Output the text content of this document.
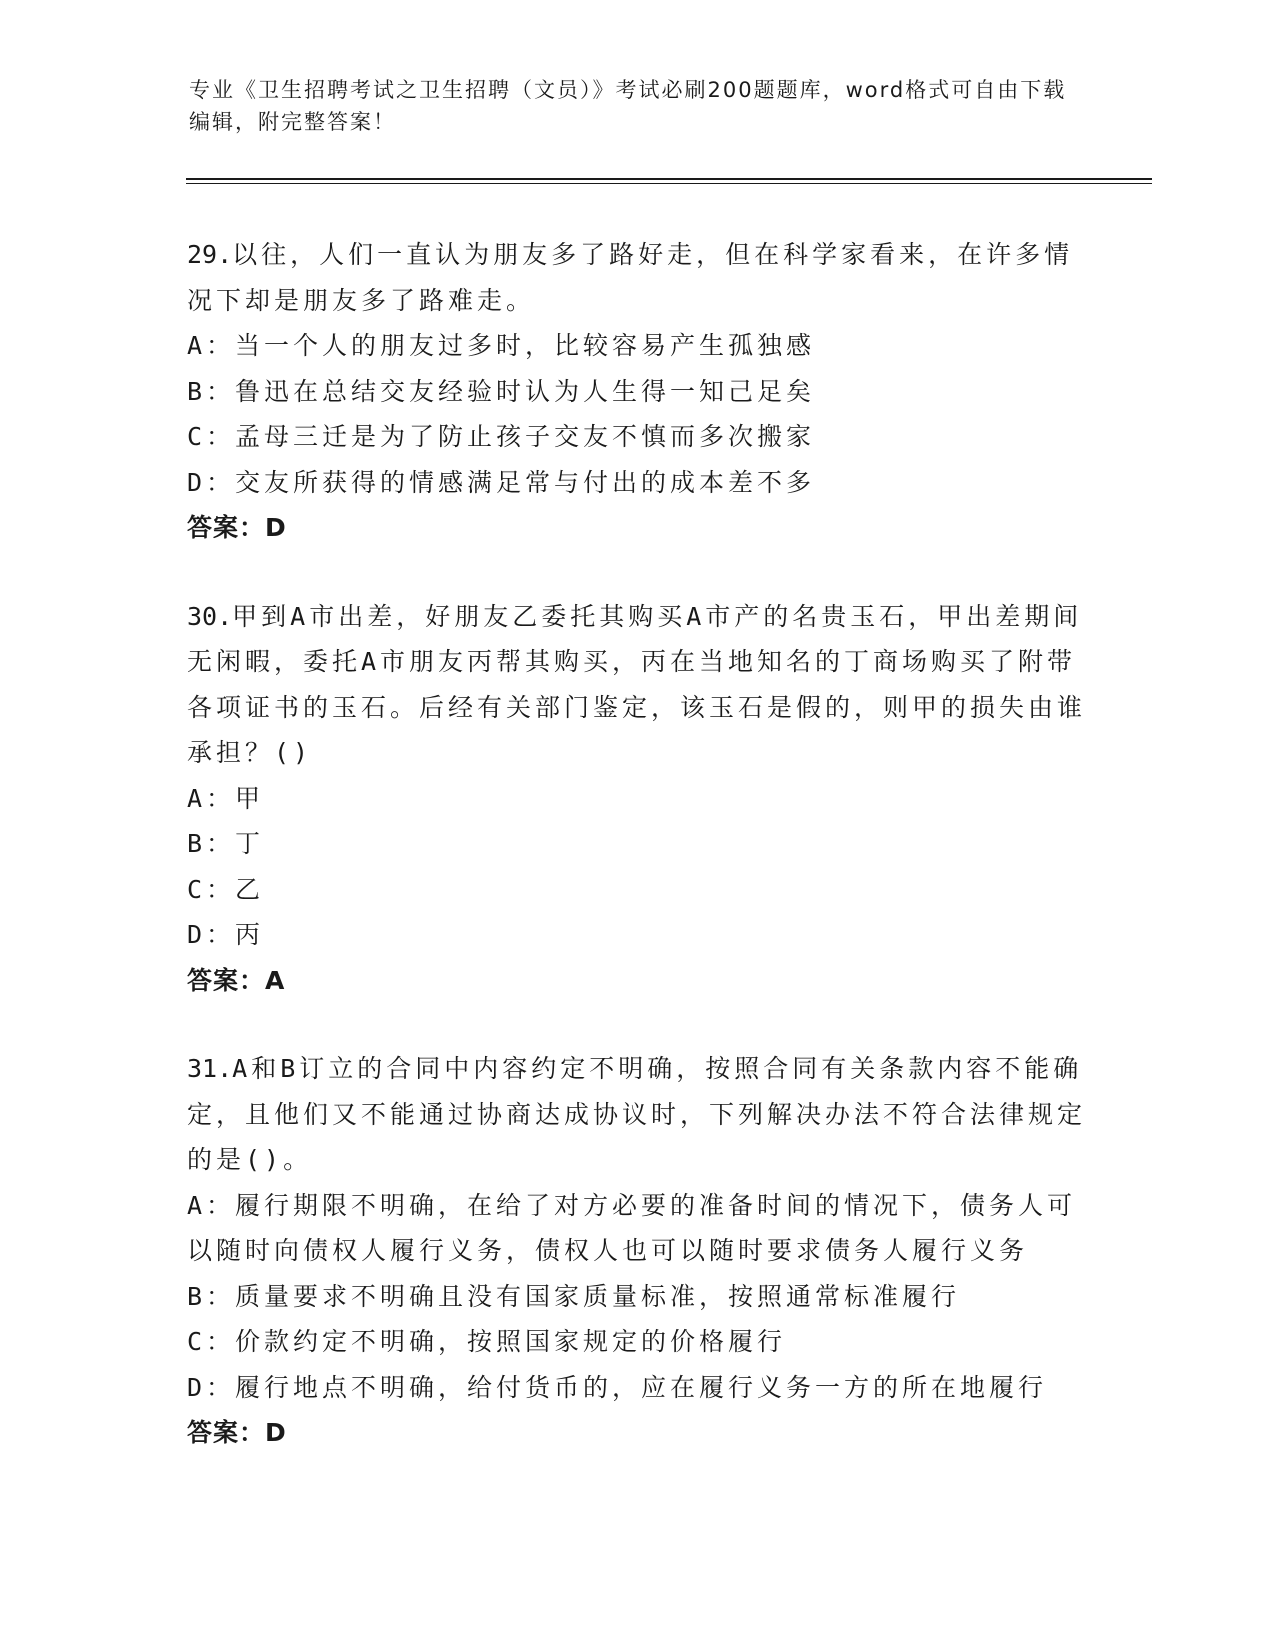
专业《卫生招聘考试之卫生招聘（文员）》考试必刷200题题库，word格式可自由下载编辑，附完整答案！
29.以往，人们一直认为朋友多了路好走，但在科学家看来，在许多情况下却是朋友多了路难走。
A：当一个人的朋友过多时，比较容易产生孤独感
B：鲁迅在总结交友经验时认为人生得一知己足矣
C：孟母三迁是为了防止孩子交友不慎而多次搬家
D：交友所获得的情感满足常与付出的成本差不多
答案：D
30.甲到A市出差，好朋友乙委托其购买A市产的名贵玉石，甲出差期间无闲暇，委托A市朋友丙帮其购买，丙在当地知名的丁商场购买了附带各项证书的玉石。后经有关部门鉴定，该玉石是假的，则甲的损失由谁承担？()
A：甲
B：丁
C：乙
D：丙
答案：A
31.A和B订立的合同中内容约定不明确，按照合同有关条款内容不能确定，且他们又不能通过协商达成协议时，下列解决办法不符合法律规定的是()。
A：履行期限不明确，在给了对方必要的准备时间的情况下，债务人可以随时向债权人履行义务，债权人也可以随时要求债务人履行义务
B：质量要求不明确且没有国家质量标准，按照通常标准履行
C：价款约定不明确，按照国家规定的价格履行
D：履行地点不明确，给付货币的，应在履行义务一方的所在地履行
答案：D
